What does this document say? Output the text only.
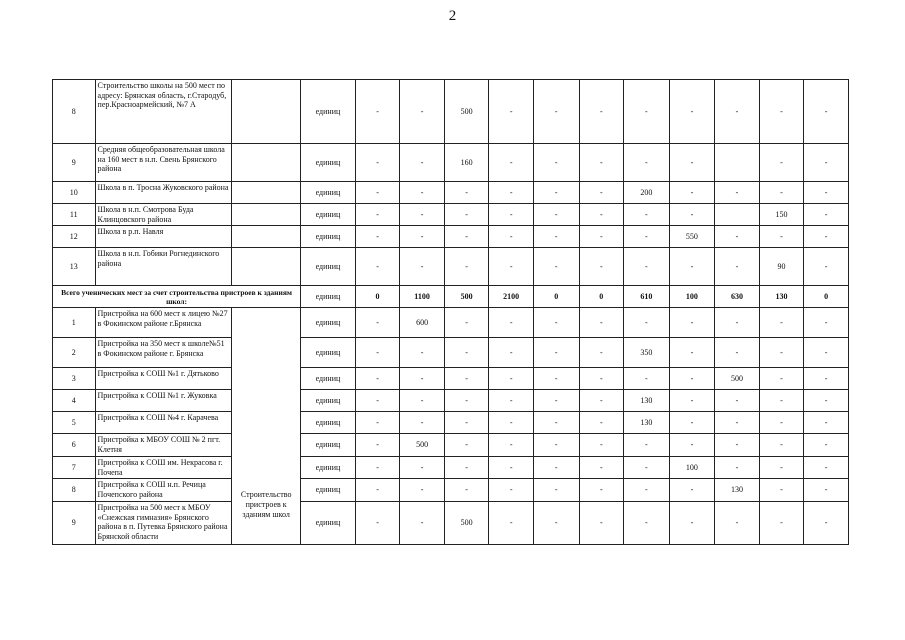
2
8	Строительство школы на 500 мест по адресу: Брянская область, г.Стародуб, пер.Красноармейский, №7 А		единиц	-	-	500	-	-	-	-	-	-	-	-
9	Средняя общеобразовательная школа на 160 мест в н.п. Свень Брянского района		единиц	-	-	160	-	-	-	-	-		-	-
10	Школа в п. Тросна Жуковского района		единиц	-	-	-	-	-	-	200	-	-	-	-
11	Школа в н.п. Смотрова Буда Клинцовского района		единиц	-	-	-	-	-	-	-	-		150	-
12	Школа в р.п. Навля		единиц	-	-	-	-	-	-	-	550	-	-	-
13	Школа в н.п. Гобики Рогнединского района		единиц	-	-	-	-	-	-	-	-	-	90	-
Всего ученических мест за счет строительства пристроев к зданиям школ:			единиц	0	1100	500	2100	0	0	610	100	630	130	0
1	Пристройка на 600 мест к лицею №27 в Фокинском районе г.Брянска	Строительство пристроев к зданиям школ	единиц	-	600	-	-	-	-	-	-	-	-	-
2	Пристройка на 350 мест к школе№51 в Фокинском районе г. Брянска		единиц	-	-	-	-	-	-	350	-	-	-	-
3	Пристройка к СОШ №1 г. Дятьково		единиц	-	-	-	-	-	-	-	-	500	-	-
4	Пристройка к СОШ №1 г. Жуковка		единиц	-	-	-	-	-	-	130	-	-	-	-
5	Пристройка к СОШ №4 г. Карачева		единиц	-	-	-	-	-	-	130	-	-	-	-
6	Пристройка к МБОУ СОШ № 2 пгт. Клетня		единиц	-	500	-	-	-	-	-	-	-	-	-
7	Пристройка к СОШ им. Некрасова г. Почепа		единиц	-	-	-	-	-	-	-	100	-	-	-
8	Пристройка к СОШ н.п. Речица Почепского района		единиц	-	-	-	-	-	-	-	-	130	-	-
9	Пристройка на 500 мест к МБОУ «Снежская гимназия» Брянского района в п. Путевка Брянского района Брянской области		единиц	-	-	500	-	-	-	-	-	-	-	-
